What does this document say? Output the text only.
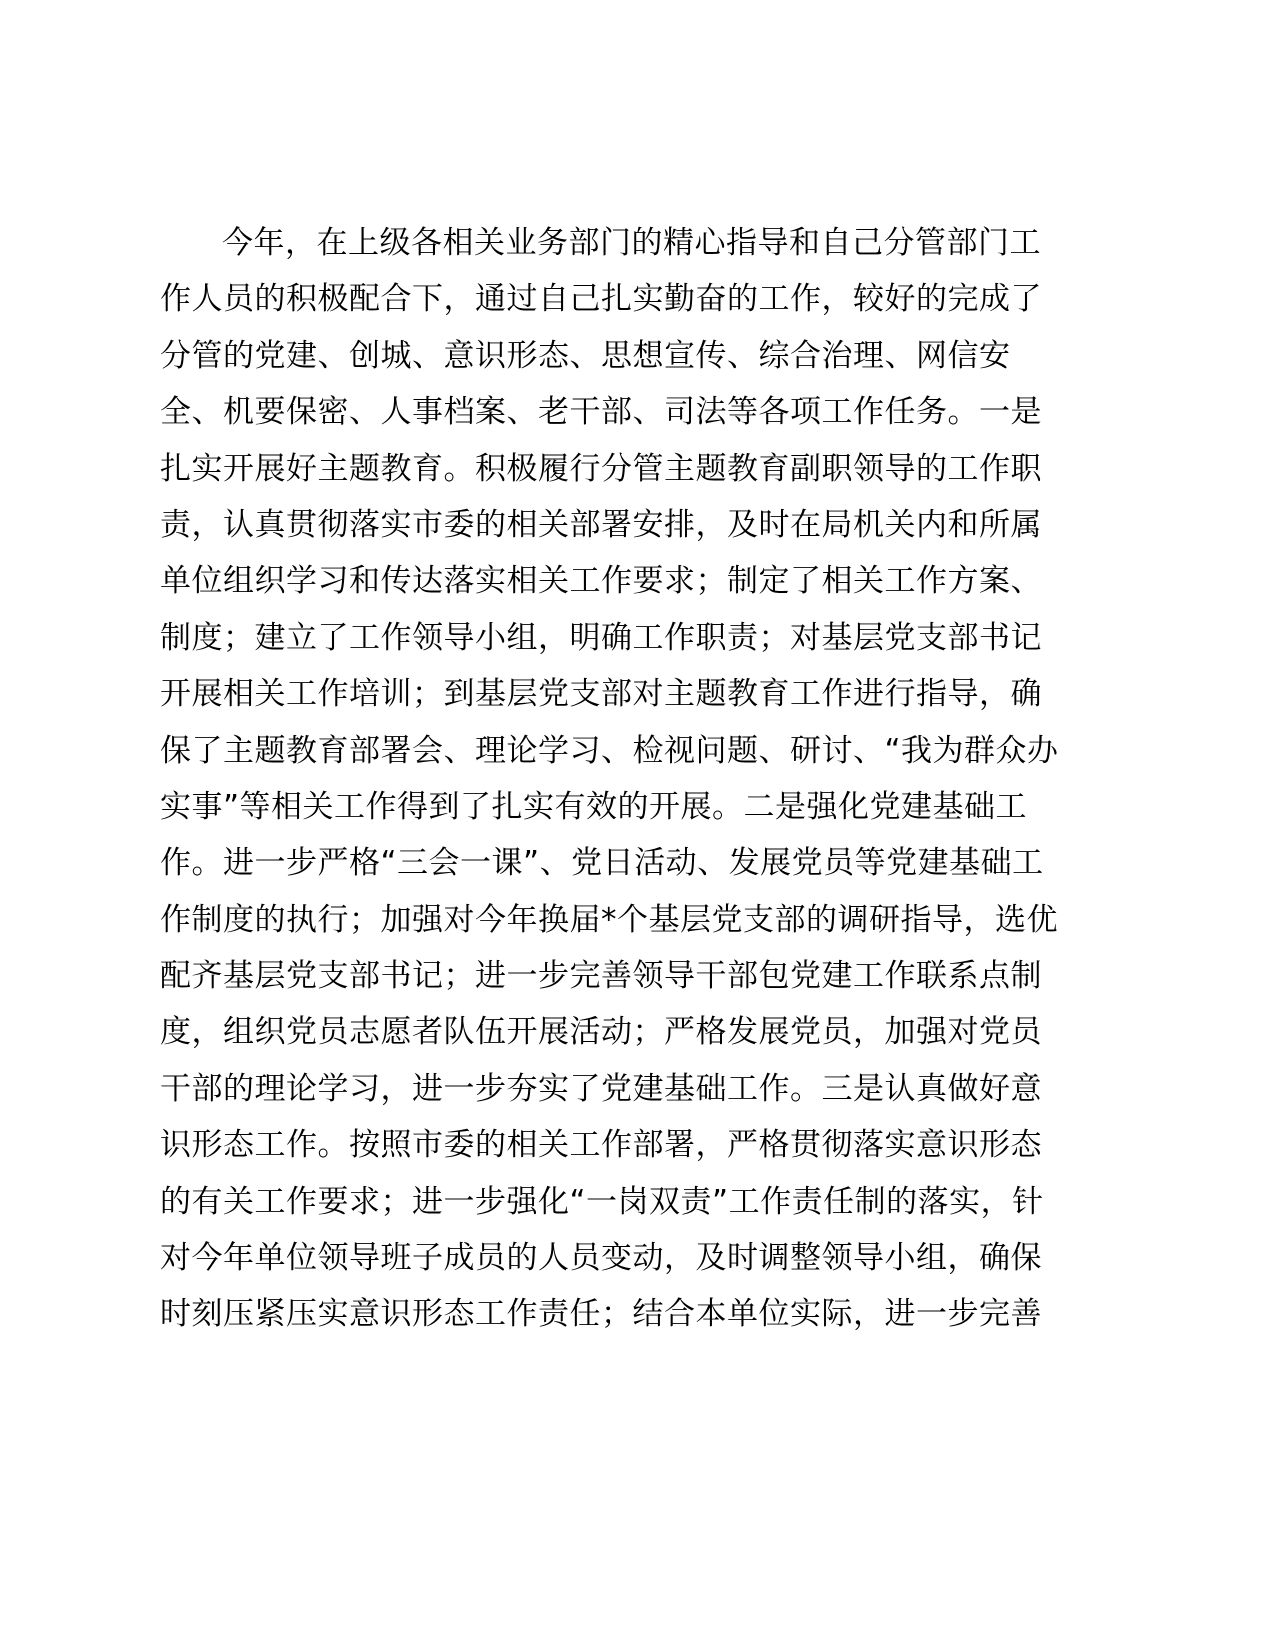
今年，在上级各相关业务部门的精心指导和自己分管部门工
作人员的积极配合下，通过自己扎实勤奋的工作，较好的完成了
分管的党建、创城、意识形态、思想宣传、综合治理、网信安
全、机要保密、人事档案、老干部、司法等各项工作任务。一是
扎实开展好主题教育。积极履行分管主题教育副职领导的工作职
责，认真贯彻落实市委的相关部署安排，及时在局机关内和所属
单位组织学习和传达落实相关工作要求；制定了相关工作方案、
制度；建立了工作领导小组，明确工作职责；对基层党支部书记
开展相关工作培训；到基层党支部对主题教育工作进行指导，确
保了主题教育部署会、理论学习、检视问题、研讨、“我为群众办
实事”等相关工作得到了扎实有效的开展。二是强化党建基础工
作。进一步严格“三会一课”、党日活动、发展党员等党建基础工
作制度的执行；加强对今年换届*个基层党支部的调研指导，选优
配齐基层党支部书记；进一步完善领导干部包党建工作联系点制
度，组织党员志愿者队伍开展活动；严格发展党员，加强对党员
干部的理论学习，进一步夯实了党建基础工作。三是认真做好意
识形态工作。按照市委的相关工作部署，严格贯彻落实意识形态
的有关工作要求；进一步强化“一岗双责”工作责任制的落实，针
对今年单位领导班子成员的人员变动，及时调整领导小组，确保
时刻压紧压实意识形态工作责任；结合本单位实际，进一步完善
